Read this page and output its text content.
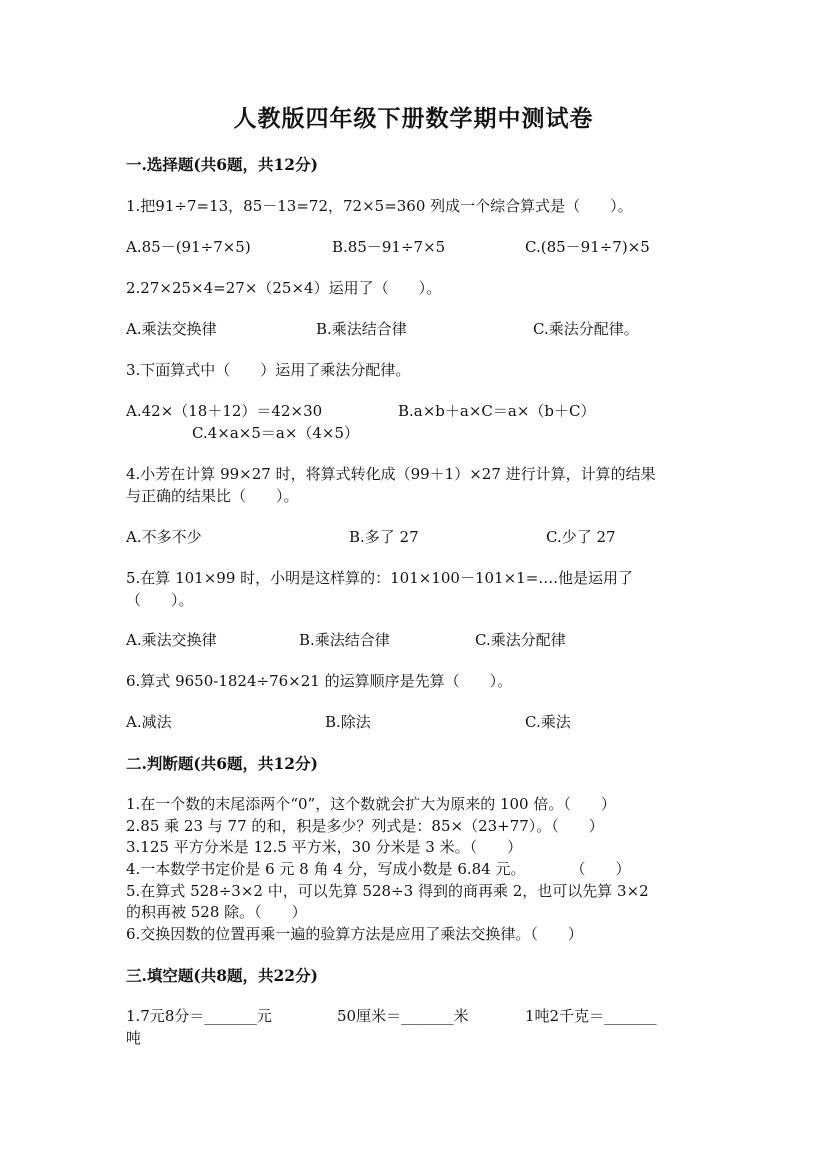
人教版四年级下册数学期中测试卷
一.选择题(共6题，共12分)
1.把91÷7=13，85－13=72，72×5=360 列成一个综合算式是（　　）。
A.85－(91÷7×5)	B.85－91÷7×5	C.(85－91÷7)×5
2.27×25×4=27×（25×4）运用了（　　）。
A.乘法交换律	B.乘法结合律	C.乘法分配律。
3.下面算式中（　　）运用了乘法分配律。
A.42×（18＋12）＝42×30	B.a×b＋a×C＝a×（b＋C）
C.4×a×5＝a×（4×5）
4.小芳在计算 99×27 时，将算式转化成（99＋1）×27 进行计算，计算的结果
与正确的结果比（　　）。
A.不多不少	B.多了 27	C.少了 27
5.在算 101×99 时，小明是这样算的：101×100－101×1=….他是运用了
（　　）。
A.乘法交换律	B.乘法结合律	C.乘法分配律
6.算式 9650-1824÷76×21 的运算顺序是先算（　　）。
A.减法	B.除法	C.乘法
二.判断题(共6题，共12分)
1.在一个数的末尾添两个“0”，这个数就会扩大为原来的 100 倍。（　　）
2.85 乘 23 与 77 的和，积是多少？列式是：85×（23+77）。（　　）
3.125 平方分米是 12.5 平方米，30 分米是 3 米。（　　）
4.一本数学书定价是 6 元 8 角 4 分，写成小数是 6.84 元。　　　　（　　）
5.在算式 528÷3×2 中，可以先算 528÷3 得到的商再乘 2，也可以先算 3×2
的积再被 528 除。（　　）
6.交换因数的位置再乘一遍的验算方法是应用了乘法交换律。（　　）
三.填空题(共8题，共22分)
1.7元8分＝_______元	50厘米＝_______米	1吨2千克＝_______
吨
